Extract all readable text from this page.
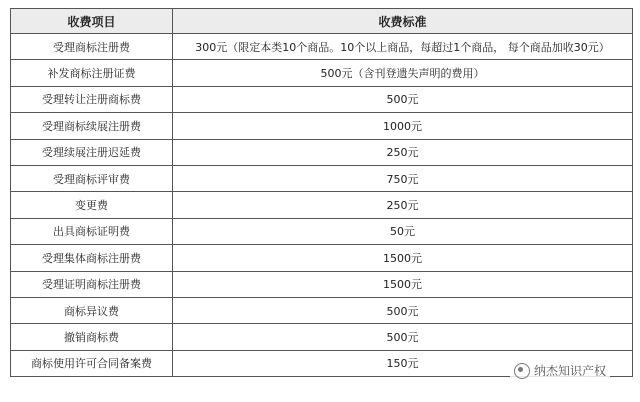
收费项目	收费标准
受理商标注册费	300元（限定本类10个商品。10个以上商品，每超过1个商品， 每个商品加收30元）
补发商标注册证费	500元（含刊登遗失声明的费用）
受理转让注册商标费	500元
受理商标续展注册费	1000元
受理续展注册迟延费	250元
受理商标评审费	750元
变更费	250元
出具商标证明费	50元
受理集体商标注册费	1500元
受理证明商标注册费	1500元
商标异议费	500元
撤销商标费	500元
商标使用许可合同备案费	150元
纳杰知识产权
